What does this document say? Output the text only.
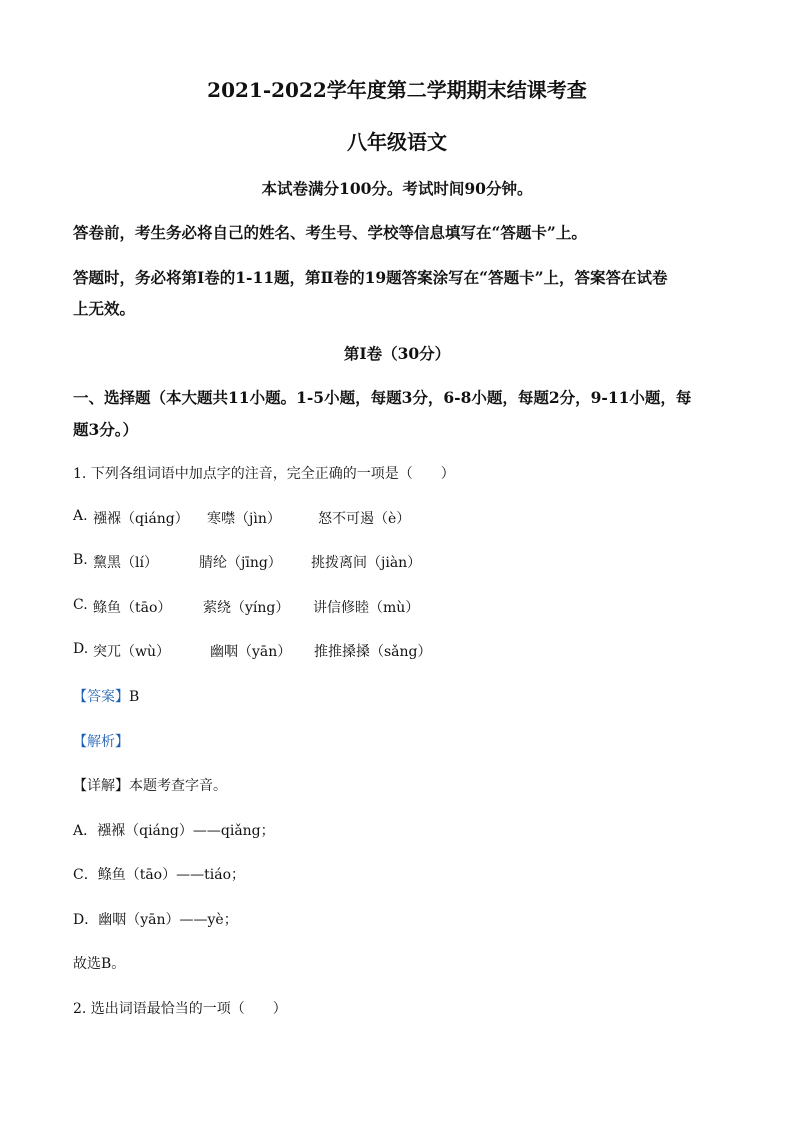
2021-2022学年度第二学期期末结课考查
八年级语文
本试卷满分100分。考试时间90分钟。
答卷前，考生务必将自己的姓名、考生号、学校等信息填写在“答题卡”上。
答题时，务必将第Ⅰ卷的1-11题，第Ⅱ卷的19题答案涂写在“答题卡”上，答案答在试卷
上无效。
第Ⅰ卷（30分）
一、选择题（本大题共11小题。1-5小题，每题3分，6-8小题，每题2分，9-11小题，每
题3分。）
1. 下列各组词语中加点字的注音，完全正确的一项是（　　）
A. 襁褓（qiáng） 寒噤（jìn）	怒不可遏（è）
B. 黧黑（lí）	腈纶（jīng） 挑拨离间（jiàn）
C. 鲦鱼（tāo） 萦绕（yíng） 讲信修睦（mù）
D. 突兀（wù）	幽咽（yān） 推推搡搡（sǎng）
【答案】B
【解析】
【详解】本题考查字音。
A．襁褓（qiáng）——qiǎng；
C．鲦鱼（tāo）——tiáo；
D．幽咽（yān）——yè；
故选B。
2. 选出词语最恰当的一项（　　）
